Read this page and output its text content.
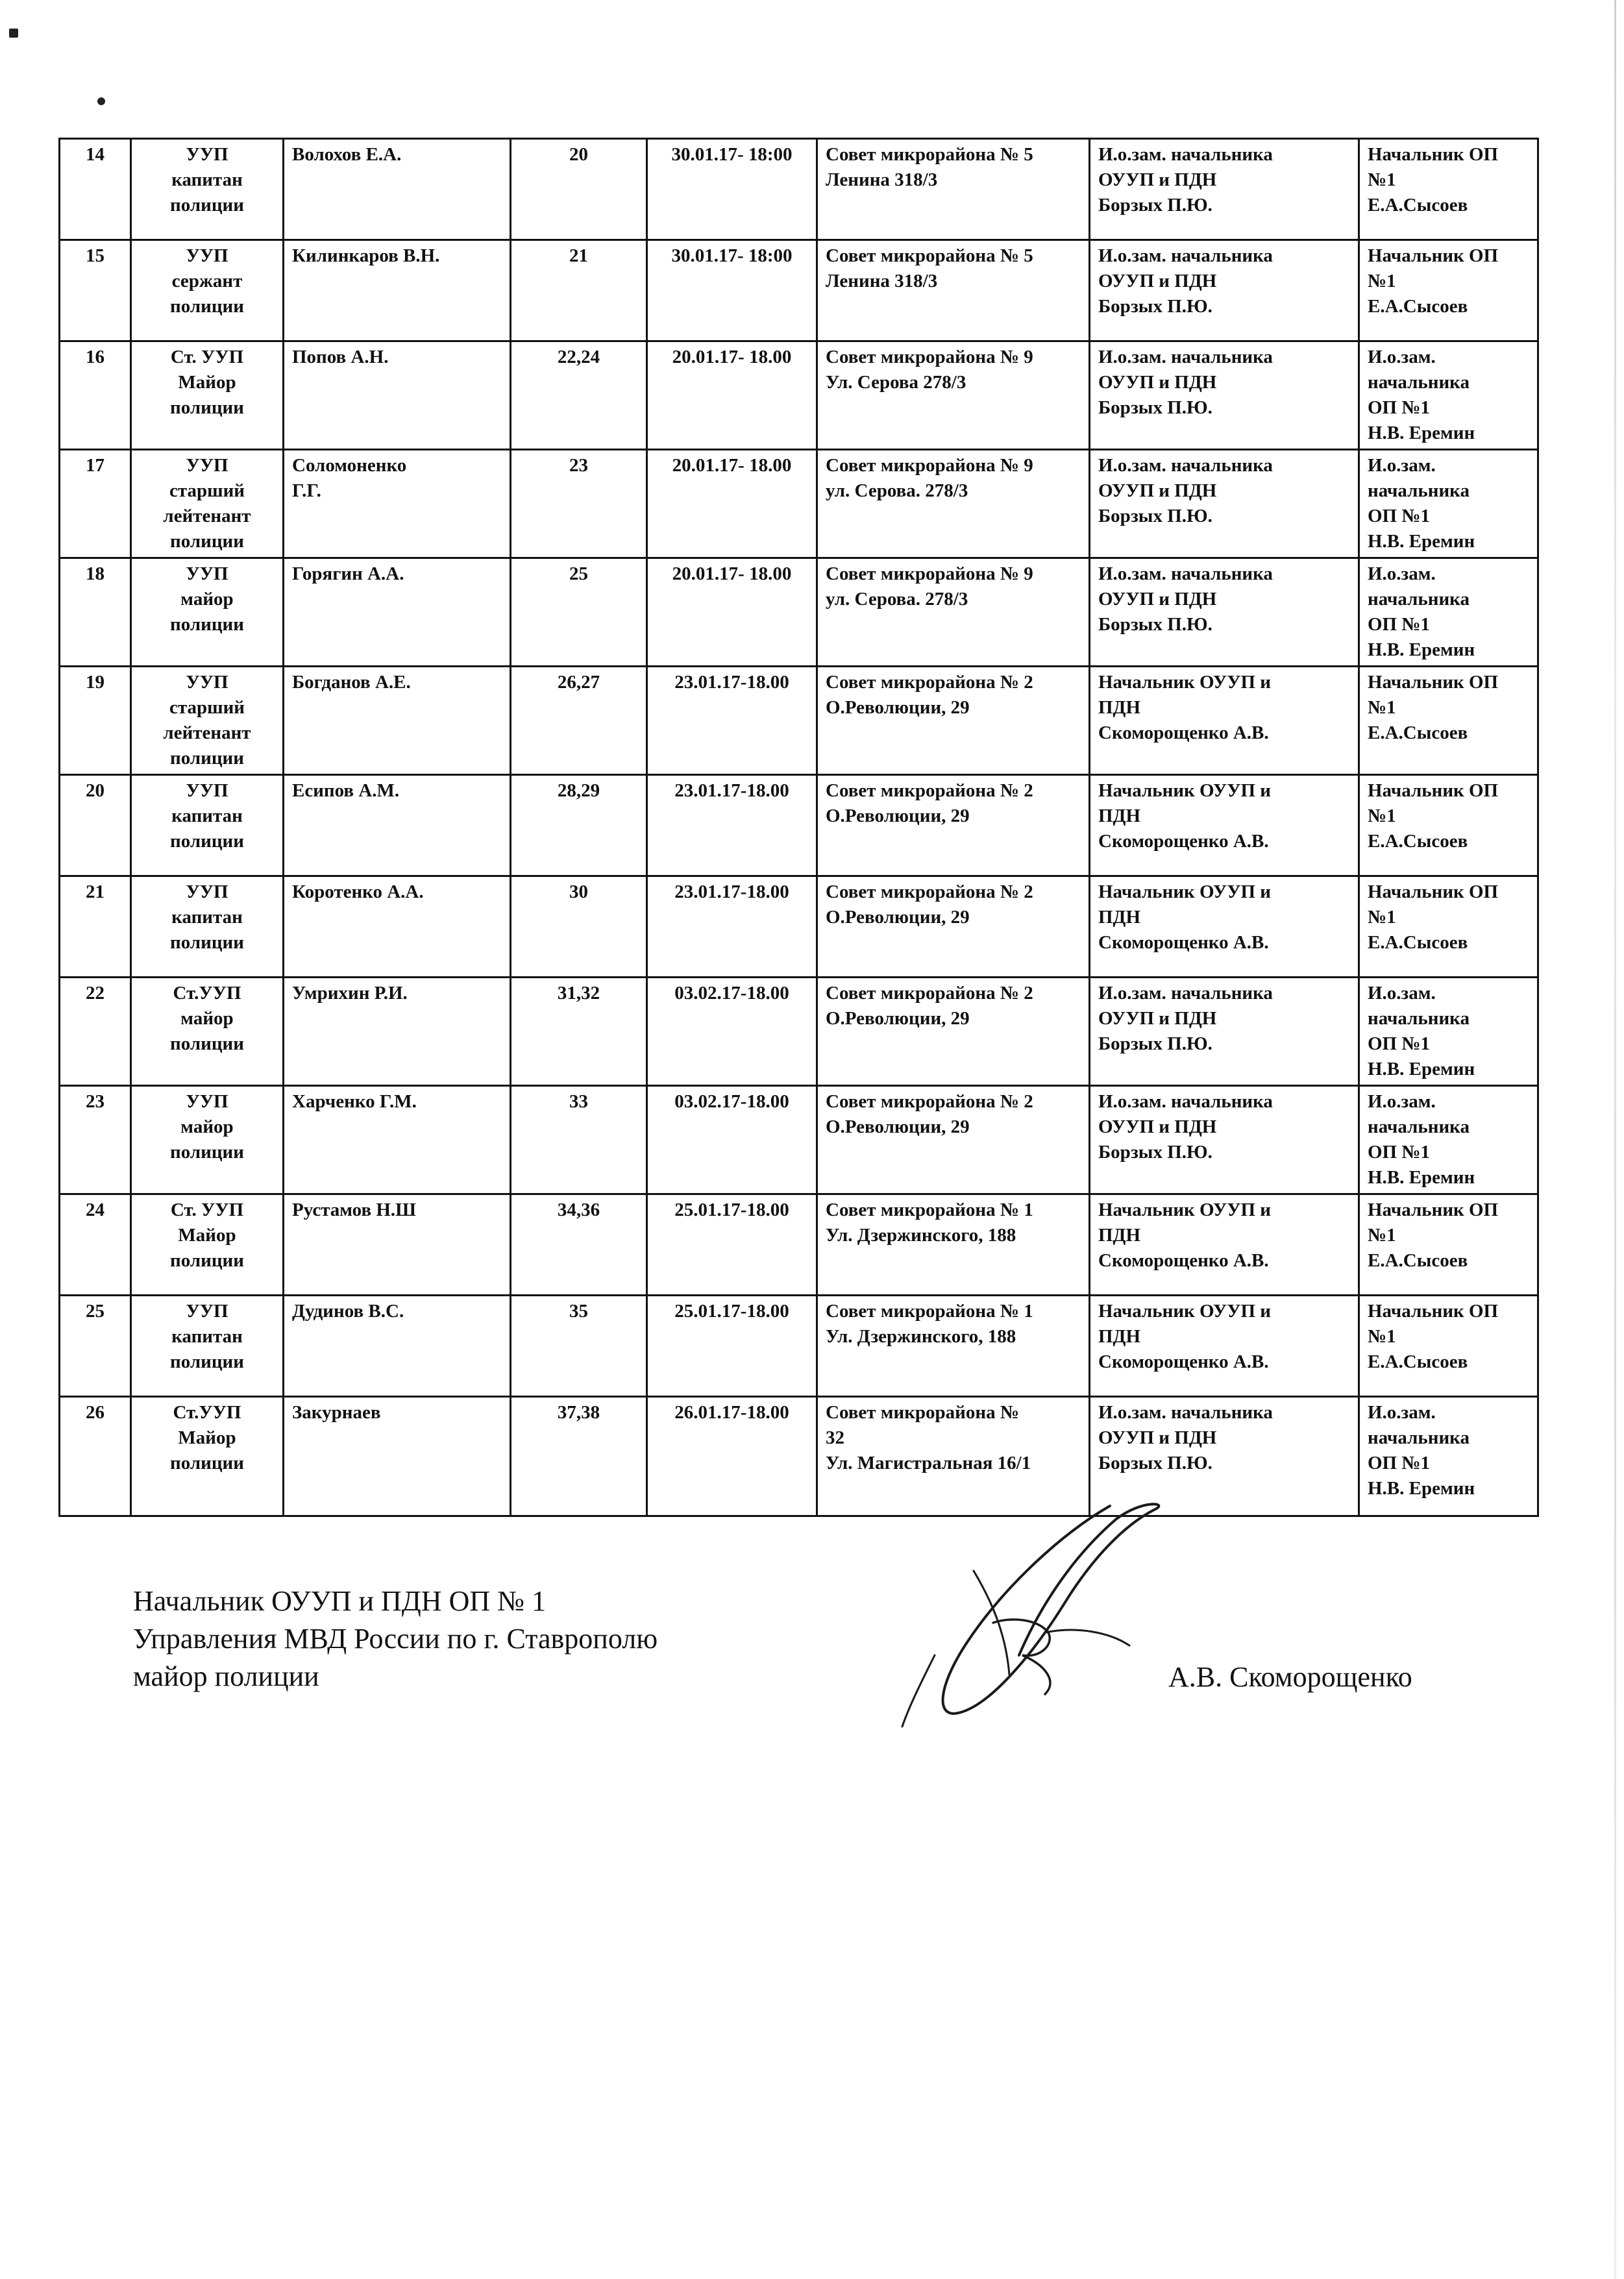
14	УУП
капитан
полиции	Волохов Е.А.	20	30.01.17- 18:00	Совет микрорайона № 5
Ленина 318/3	И.о.зам. начальника
ОУУП и ПДН
Борзых П.Ю.	Начальник ОП №1
Е.А.Сысоев
15	УУП
сержант
полиции	Килинкаров В.Н.	21	30.01.17- 18:00	Совет микрорайона № 5
Ленина 318/3	И.о.зам. начальника
ОУУП и ПДН
Борзых П.Ю.	Начальник ОП №1
Е.А.Сысоев
16	Ст. УУП
Майор
полиции	Попов А.Н.	22,24	20.01.17- 18.00	Совет микрорайона № 9
Ул. Серова 278/3	И.о.зам. начальника
ОУУП и ПДН
Борзых П.Ю.	И.о.зам. начальника
ОП №1
Н.В. Еремин
17	УУП
старший
лейтенант
полиции	Соломоненко
Г.Г.	23	20.01.17- 18.00	Совет микрорайона № 9
ул. Серова. 278/3	И.о.зам. начальника
ОУУП и ПДН
Борзых П.Ю.	И.о.зам. начальника
ОП №1
Н.В. Еремин
18	УУП
майор
полиции	Горягин А.А.	25	20.01.17- 18.00	Совет микрорайона № 9
ул. Серова. 278/3	И.о.зам. начальника
ОУУП и ПДН
Борзых П.Ю.	И.о.зам. начальника
ОП №1
Н.В. Еремин
19	УУП
старший
лейтенант
полиции	Богданов А.Е.	26,27	23.01.17-18.00	Совет микрорайона № 2
О.Революции, 29	Начальник ОУУП и
ПДН
Скоморощенко А.В.	Начальник ОП №1
Е.А.Сысоев
20	УУП
капитан
полиции	Есипов А.М.	28,29	23.01.17-18.00	Совет микрорайона № 2
О.Революции, 29	Начальник ОУУП и
ПДН
Скоморощенко А.В.	Начальник ОП №1
Е.А.Сысоев
21	УУП
капитан
полиции	Коротенко А.А.	30	23.01.17-18.00	Совет микрорайона № 2
О.Революции, 29	Начальник ОУУП и
ПДН
Скоморощенко А.В.	Начальник ОП №1
Е.А.Сысоев
22	Ст.УУП
майор
полиции	Умрихин Р.И.	31,32	03.02.17-18.00	Совет микрорайона № 2
О.Революции, 29	И.о.зам. начальника
ОУУП и ПДН
Борзых П.Ю.	И.о.зам. начальника
ОП №1
Н.В. Еремин
23	УУП
майор
полиции	Харченко Г.М.	33	03.02.17-18.00	Совет микрорайона № 2
О.Революции, 29	И.о.зам. начальника
ОУУП и ПДН
Борзых П.Ю.	И.о.зам. начальника
ОП №1
Н.В. Еремин
24	Ст. УУП
Майор
полиции	Рустамов Н.Ш	34,36	25.01.17-18.00	Совет микрорайона № 1
Ул. Дзержинского, 188	Начальник ОУУП и
ПДН
Скоморощенко А.В.	Начальник ОП №1
Е.А.Сысоев
25	УУП
капитан
полиции	Дудинов В.С.	35	25.01.17-18.00	Совет микрорайона № 1
Ул. Дзержинского, 188	Начальник ОУУП и
ПДН
Скоморощенко А.В.	Начальник ОП №1
Е.А.Сысоев
26	Ст.УУП
Майор
полиции	Закурнаев	37,38	26.01.17-18.00	Совет микрорайона №
32
Ул. Магистральная 16/1	И.о.зам. начальника
ОУУП и ПДН
Борзых П.Ю.	И.о.зам. начальника
ОП №1
Н.В. Еремин
Начальник ОУУП и ПДН ОП № 1
Управления МВД России по г. Ставрополю
майор полиции	А.В. Скоморощенко
